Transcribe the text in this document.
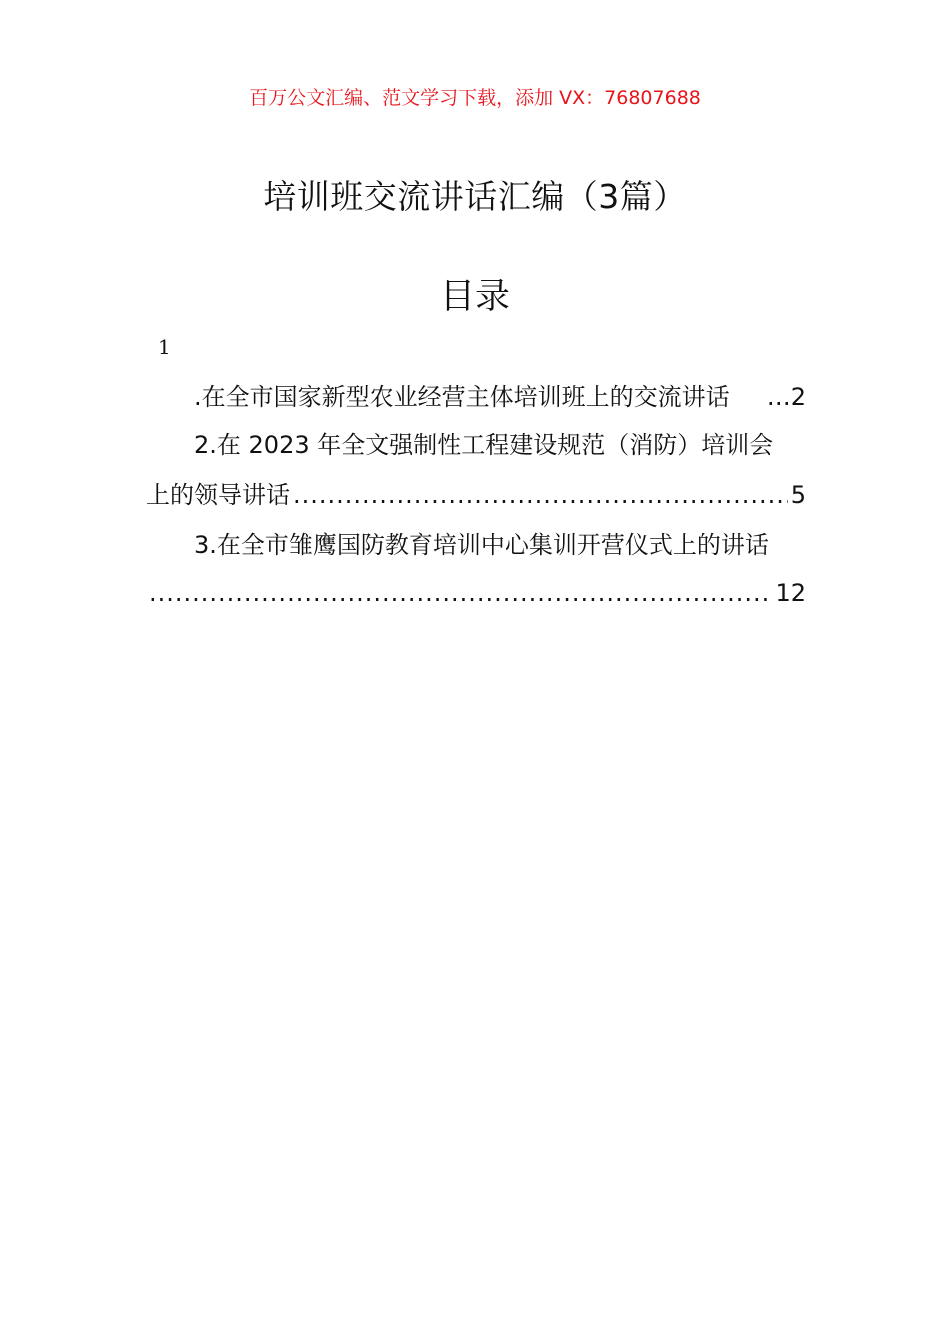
百万公文汇编、范文学习下载，添加 VX：76807688
培训班交流讲话汇编（3篇）
目录
1
.在全市国家新型农业经营主体培训班上的交流讲话	… 2
2.在 2023 年全文强制性工程建设规范（消防）培训会
上的领导讲话
.....	5
3.在全市雏鹰国防教育培训中心集训开营仪式上的讲话
.....
12
